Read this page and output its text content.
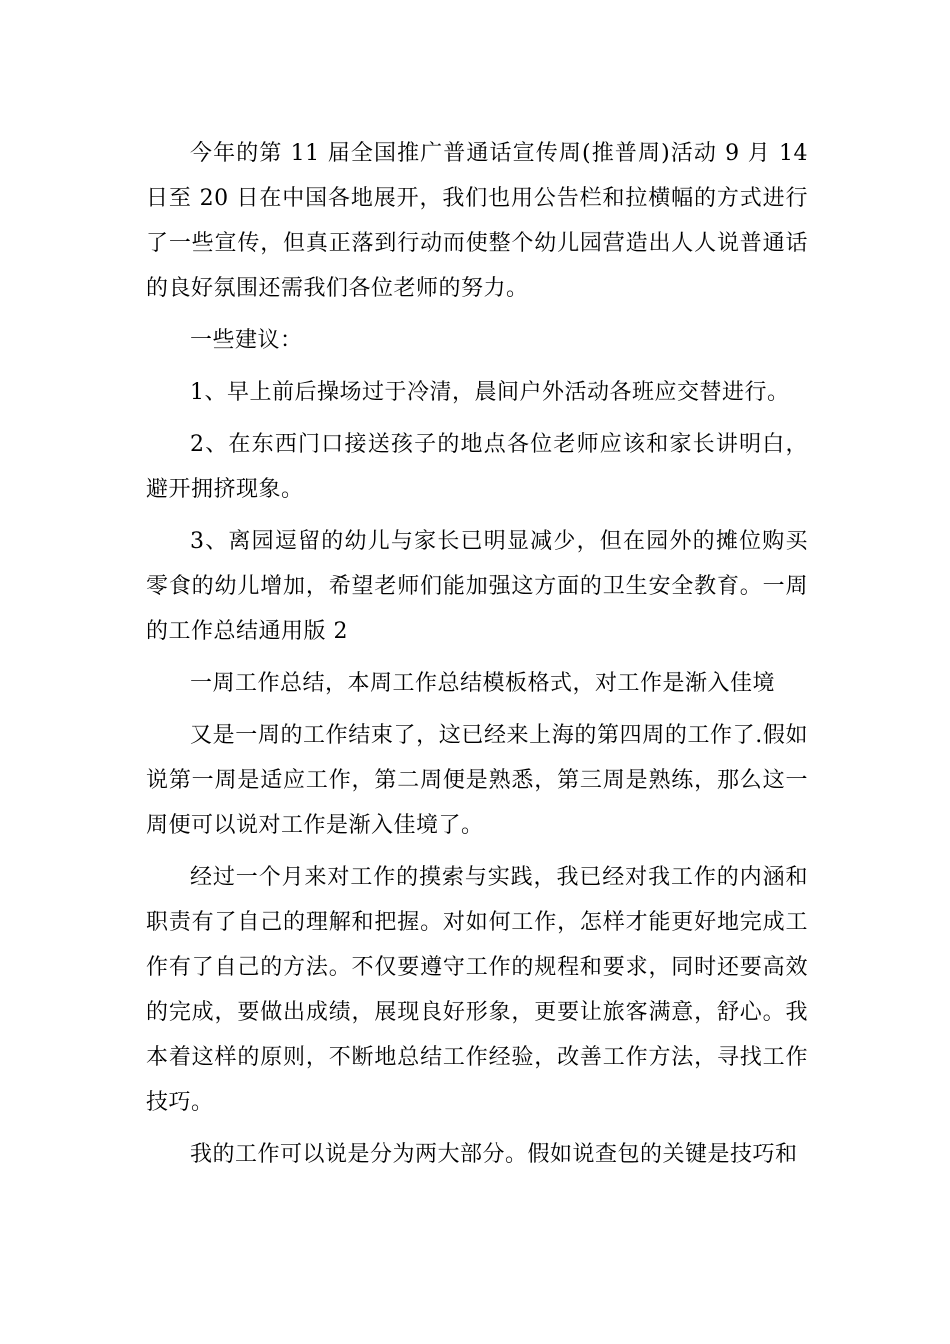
今年的第 11 届全国推广普通话宣传周(推普周)活动 9 月 14 日至 20 日在中国各地展开，我们也用公告栏和拉横幅的方式进行了一些宣传，但真正落到行动而使整个幼儿园营造出人人说普通话的良好氛围还需我们各位老师的努力。

一些建议：

1、早上前后操场过于冷清，晨间户外活动各班应交替进行。

2、在东西门口接送孩子的地点各位老师应该和家长讲明白，避开拥挤现象。

3、离园逗留的幼儿与家长已明显减少，但在园外的摊位购买零食的幼儿增加，希望老师们能加强这方面的卫生安全教育。一周的工作总结通用版 2

一周工作总结，本周工作总结模板格式，对工作是渐入佳境

又是一周的工作结束了，这已经来上海的第四周的工作了.假如说第一周是适应工作，第二周便是熟悉，第三周是熟练，那么这一周便可以说对工作是渐入佳境了。

经过一个月来对工作的摸索与实践，我已经对我工作的内涵和职责有了自己的理解和把握。对如何工作，怎样才能更好地完成工作有了自己的方法。不仅要遵守工作的规程和要求，同时还要高效的完成，要做出成绩，展现良好形象，更要让旅客满意，舒心。我本着这样的原则，不断地总结工作经验，改善工作方法，寻找工作技巧。

我的工作可以说是分为两大部分。假如说查包的关键是技巧和
